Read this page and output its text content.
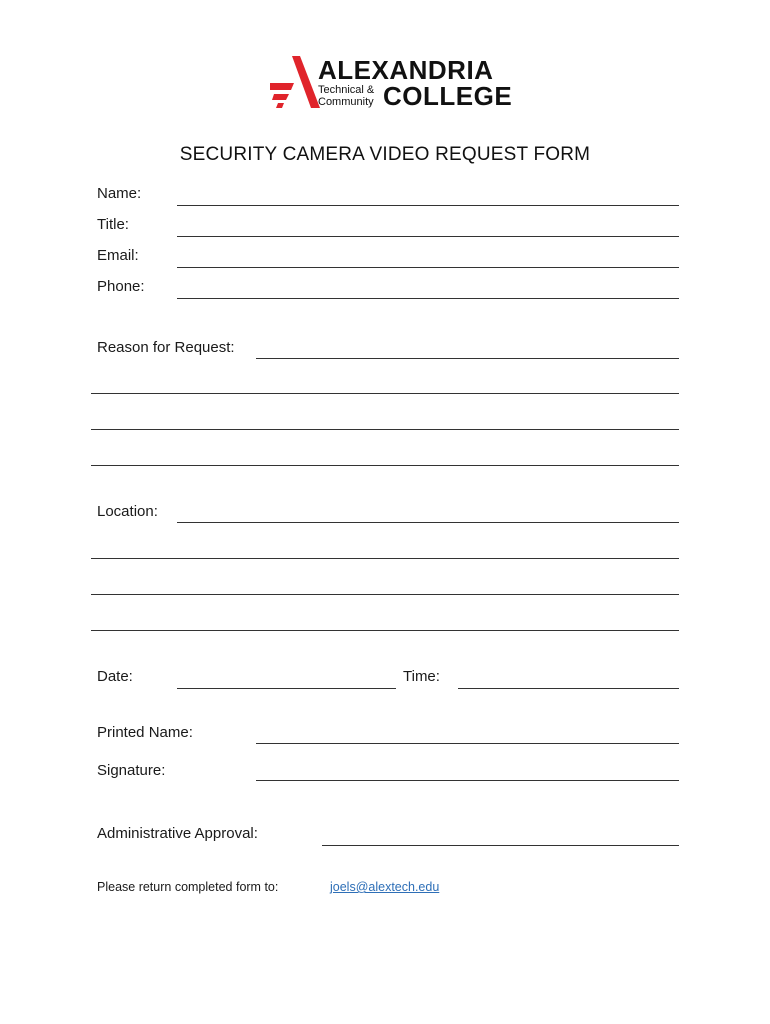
ALEXANDRIA
Technical &
Community COLLEGE
SECURITY CAMERA VIDEO REQUEST FORM
Name:
Title:
Email:
Phone:
Reason for Request:
Location:
Date:	Time:
Printed Name:
Signature:
Administrative Approval:
Please return completed form to:	joels@alextech.edu
